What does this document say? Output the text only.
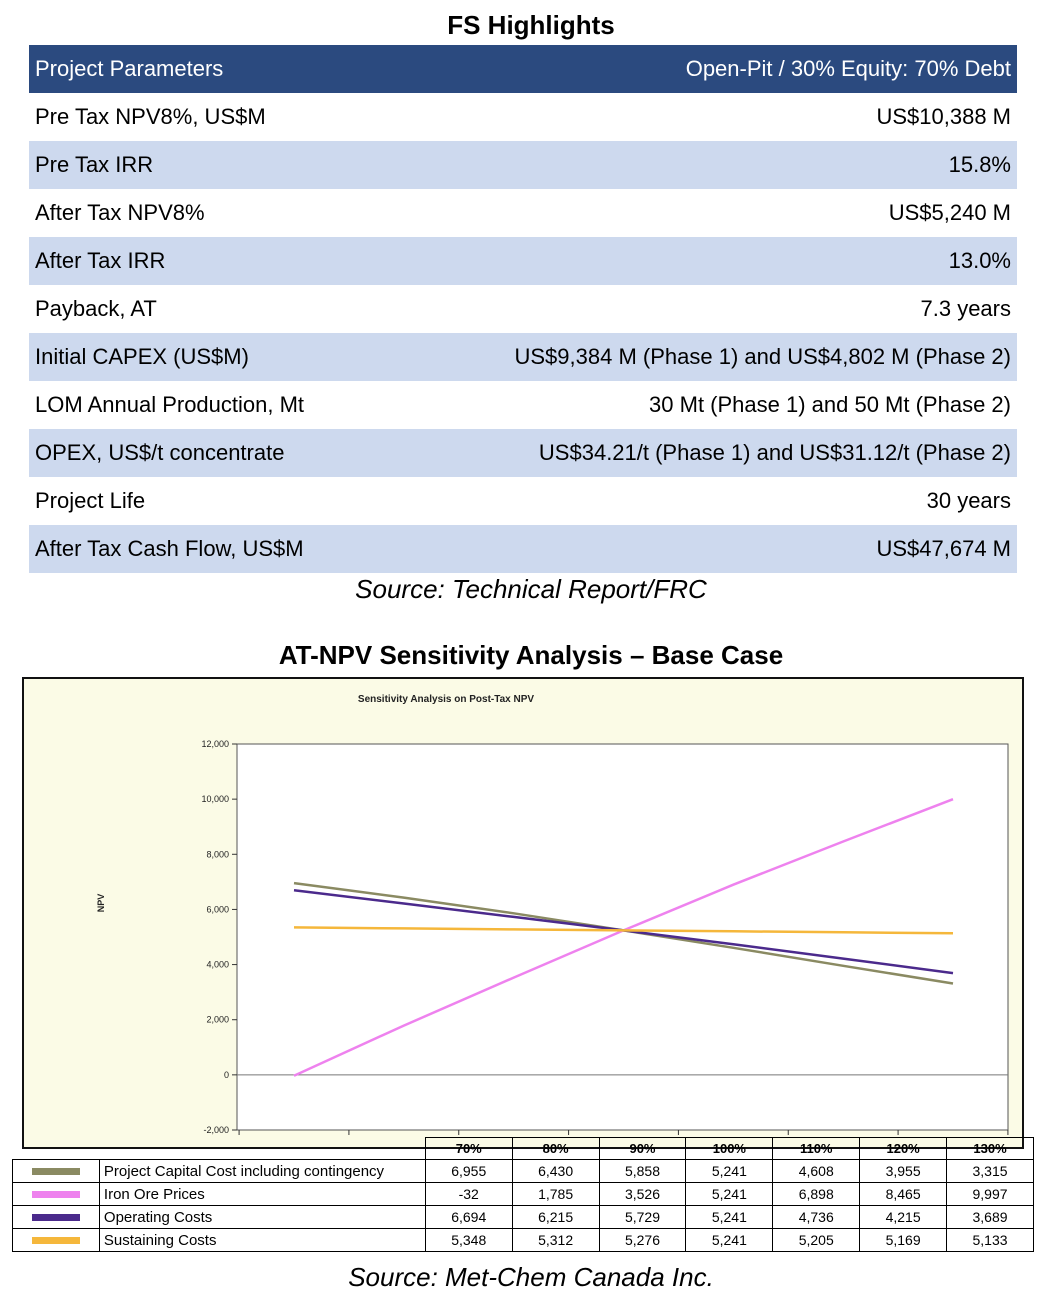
FS Highlights
Project Parameters	Open-Pit / 30% Equity: 70% Debt
Pre Tax NPV8%, US$M	US$10,388 M
Pre Tax IRR	15.8%
After Tax NPV8%	US$5,240 M
After Tax IRR	13.0%
Payback, AT	7.3 years
Initial CAPEX (US$M)	US$9,384 M (Phase 1) and US$4,802 M (Phase 2)
LOM Annual Production, Mt	30 Mt (Phase 1) and 50 Mt (Phase 2)
OPEX, US$/t concentrate	US$34.21/t (Phase 1) and US$31.12/t (Phase 2)
Project Life	30 years
After Tax Cash Flow, US$M	US$47,674 M
Source: Technical Report/FRC
AT-NPV Sensitivity Analysis – Base Case
-2,000
0
2,000
4,000
6,000
8,000
10,000
12,000
Sensitivity Analysis on Post-Tax NPV
NPV
		70%	80%	90%	100%	110%	120%	130%
	Project Capital Cost including contingency	6,955	6,430	5,858	5,241	4,608	3,955	3,315
	Iron Ore Prices	-32	1,785	3,526	5,241	6,898	8,465	9,997
	Operating Costs	6,694	6,215	5,729	5,241	4,736	4,215	3,689
	Sustaining Costs	5,348	5,312	5,276	5,241	5,205	5,169	5,133
Source: Met-Chem Canada Inc.
